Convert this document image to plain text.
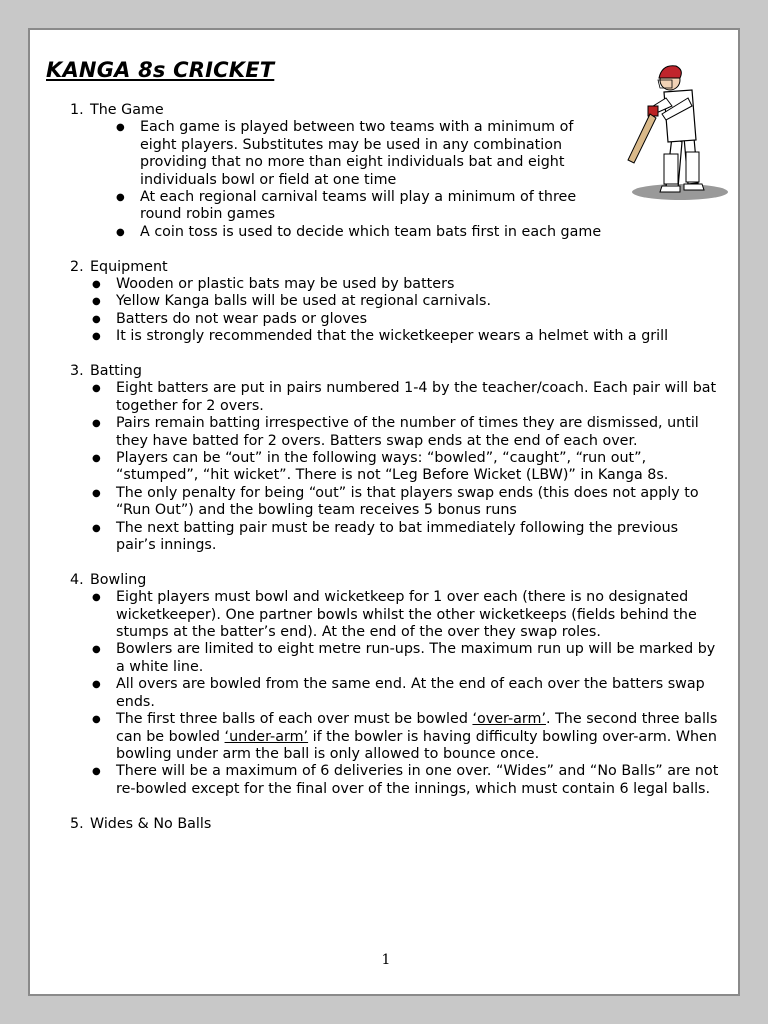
KANGA 8s CRICKET
1. The Game
● Each game is played between two teams with a minimum of eight players. Substitutes may be used in any combination providing that no more than eight individuals bat and eight individuals bowl or field at one time
● At each regional carnival teams will play a minimum of three round robin games
● A coin toss is used to decide which team bats first in each game
2. Equipment
● Wooden or plastic bats may be used by batters
● Yellow Kanga balls will be used at regional carnivals.
● Batters do not wear pads or gloves
● It is strongly recommended that the wicketkeeper wears a helmet with a grill
3. Batting
● Eight batters are put in pairs numbered 1-4 by the teacher/coach. Each pair will bat together for 2 overs.
● Pairs remain batting irrespective of the number of times they are dismissed, until they have batted for 2 overs. Batters swap ends at the end of each over.
● Players can be “out” in the following ways: “bowled”, “caught”, “run out”, “stumped”, “hit wicket”. There is not “Leg Before Wicket (LBW)” in Kanga 8s.
● The only penalty for being “out” is that players swap ends (this does not apply to “Run Out”) and the bowling team receives 5 bonus runs
● The next batting pair must be ready to bat immediately following the previous pair’s innings.
4. Bowling
● Eight players must bowl and wicketkeep for 1 over each (there is no designated wicketkeeper). One partner bowls whilst the other wicketkeeps (fields behind the stumps at the batter’s end). At the end of the over they swap roles.
● Bowlers are limited to eight metre run-ups. The maximum run up will be marked by a white line.
● All overs are bowled from the same end. At the end of each over the batters swap ends.
● The first three balls of each over must be bowled ‘over-arm’. The second three balls can be bowled ‘under-arm’ if the bowler is having difficulty bowling over-arm. When bowling under arm the ball is only allowed to bounce once.
● There will be a maximum of 6 deliveries in one over. “Wides” and “No Balls” are not re-bowled except for the final over of the innings, which must contain 6 legal balls.
5. Wides & No Balls
1
